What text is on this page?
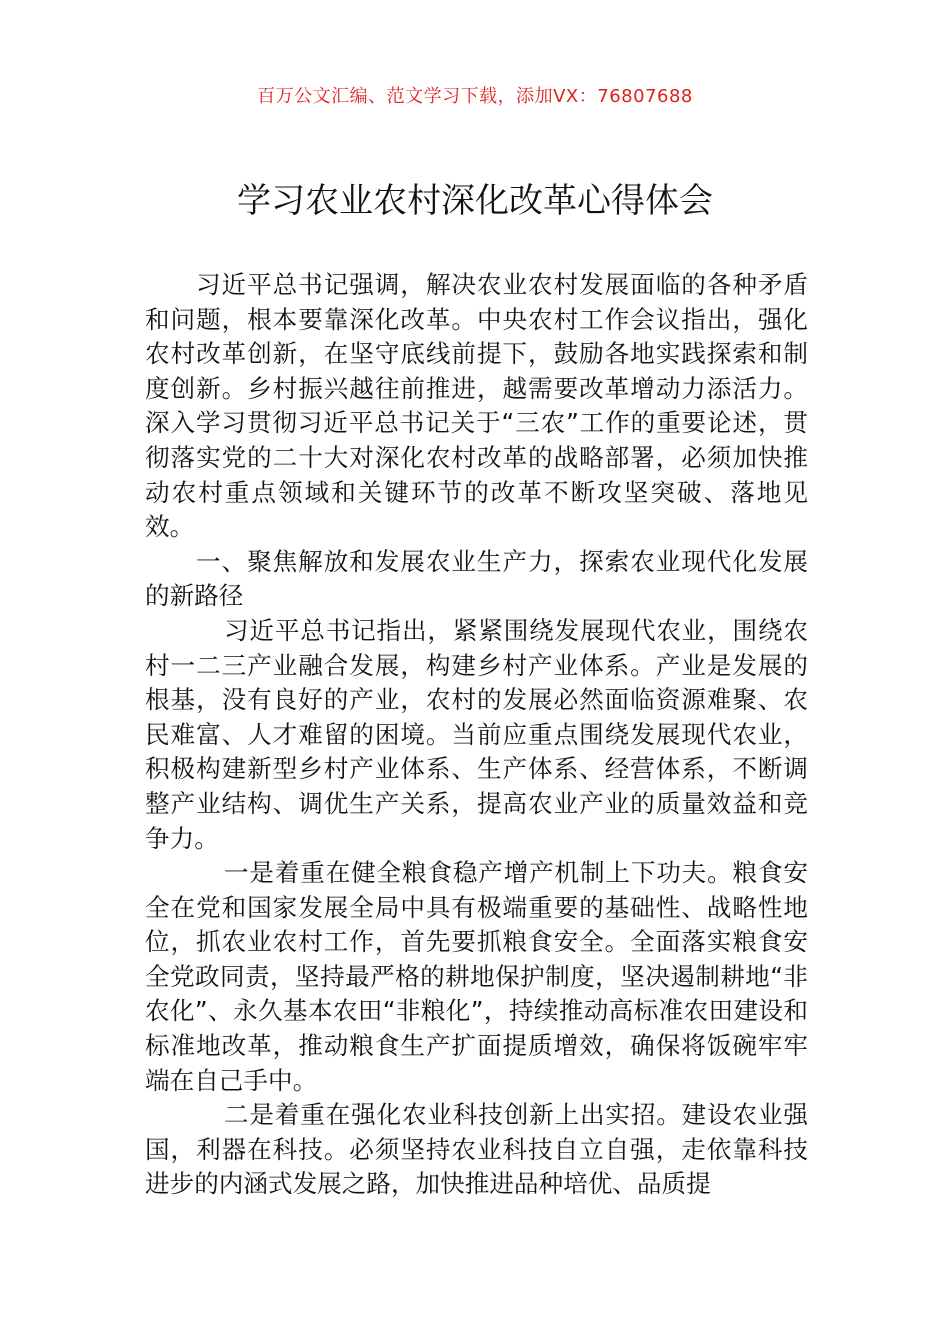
百万公文汇编、范文学习下载，添加VX：76807688
学习农业农村深化改革心得体会

习近平总书记强调，解决农业农村发展面临的各种矛盾和问题，根本要靠深化改革。中央农村工作会议指出，强化农村改革创新，在坚守底线前提下，鼓励各地实践探索和制度创新。乡村振兴越往前推进，越需要改革增动力添活力。深入学习贯彻习近平总书记关于“三农”工作的重要论述，贯彻落实党的二十大对深化农村改革的战略部署，必须加快推动农村重点领域和关键环节的改革不断攻坚突破、落地见效。

一、聚焦解放和发展农业生产力，探索农业现代化发展的新路径

习近平总书记指出，紧紧围绕发展现代农业，围绕农村一二三产业融合发展，构建乡村产业体系。产业是发展的根基，没有良好的产业，农村的发展必然面临资源难聚、农民难富、人才难留的困境。当前应重点围绕发展现代农业，积极构建新型乡村产业体系、生产体系、经营体系，不断调整产业结构、调优生产关系，提高农业产业的质量效益和竞争力。

一是着重在健全粮食稳产增产机制上下功夫。粮食安全在党和国家发展全局中具有极端重要的基础性、战略性地位，抓农业农村工作，首先要抓粮食安全。全面落实粮食安全党政同责，坚持最严格的耕地保护制度，坚决遏制耕地“非农化”、永久基本农田“非粮化”，持续推动高标准农田建设和标准地改革，推动粮食生产扩面提质增效，确保将饭碗牢牢端在自己手中。

二是着重在强化农业科技创新上出实招。建设农业强国，利器在科技。必须坚持农业科技自立自强，走依靠科技进步的内涵式发展之路，加快推进品种培优、品质提
